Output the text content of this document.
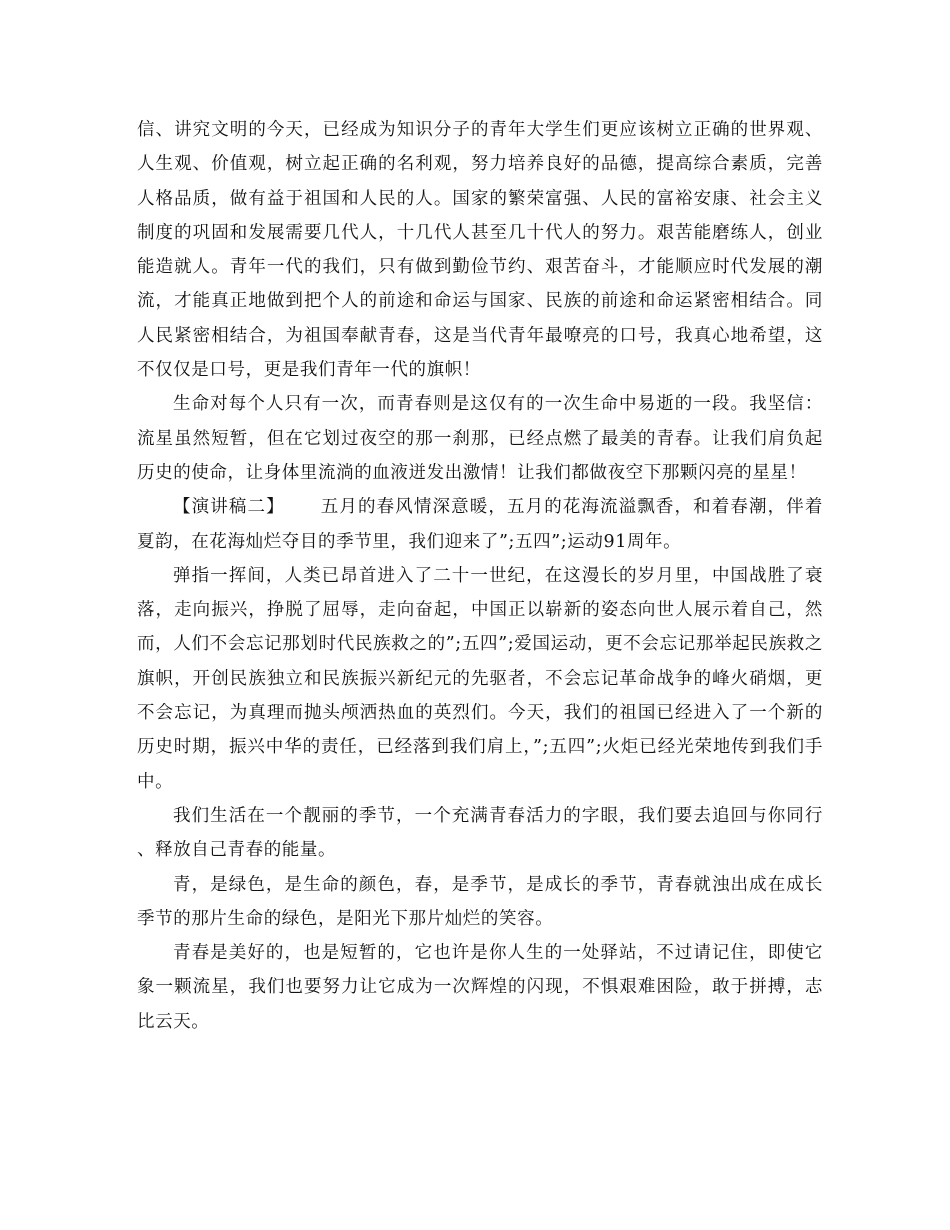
信、讲究文明的今天，已经成为知识分子的青年大学生们更应该树立正确的世界观、人生观、价值观，树立起正确的名利观，努力培养良好的品德，提高综合素质，完善人格品质，做有益于祖国和人民的人。国家的繁荣富强、人民的富裕安康、社会主义制度的巩固和发展需要几代人，十几代人甚至几十代人的努力。艰苦能磨练人，创业能造就人。青年一代的我们，只有做到勤俭节约、艰苦奋斗，才能顺应时代发展的潮流，才能真正地做到把个人的前途和命运与国家、民族的前途和命运紧密相结合。同人民紧密相结合，为祖国奉献青春，这是当代青年最嘹亮的口号，我真心地希望，这不仅仅是口号，更是我们青年一代的旗帜！

生命对每个人只有一次，而青春则是这仅有的一次生命中易逝的一段。我坚信：流星虽然短暂，但在它划过夜空的那一刹那，已经点燃了最美的青春。让我们肩负起历史的使命，让身体里流淌的血液迸发出激情！让我们都做夜空下那颗闪亮的星星！

【演讲稿二】 五月的春风情深意暖，五月的花海流溢飘香，和着春潮，伴着夏韵，在花海灿烂夺目的季节里，我们迎来了”;五四”;运动91周年。

弹指一挥间，人类已昂首进入了二十一世纪，在这漫长的岁月里，中国战胜了衰落，走向振兴，挣脱了屈辱，走向奋起，中国正以崭新的姿态向世人展示着自己，然而，人们不会忘记那划时代民族救之的”;五四”;爱国运动，更不会忘记那举起民族救之旗帜，开创民族独立和民族振兴新纪元的先驱者，不会忘记革命战争的峰火硝烟，更不会忘记，为真理而抛头颅洒热血的英烈们。今天，我们的祖国已经进入了一个新的历史时期，振兴中华的责任，已经落到我们肩上，”;五四”;火炬已经光荣地传到我们手中。

我们生活在一个靓丽的季节，一个充满青春活力的字眼，我们要去追回与你同行、释放自己青春的能量。

青，是绿色，是生命的颜色，春，是季节，是成长的季节，青春就浊出成在成长季节的那片生命的绿色，是阳光下那片灿烂的笑容。

青春是美好的，也是短暂的，它也许是你人生的一处驿站，不过请记住，即使它象一颗流星，我们也要努力让它成为一次辉煌的闪现，不惧艰难困险，敢于拼搏，志比云天。
